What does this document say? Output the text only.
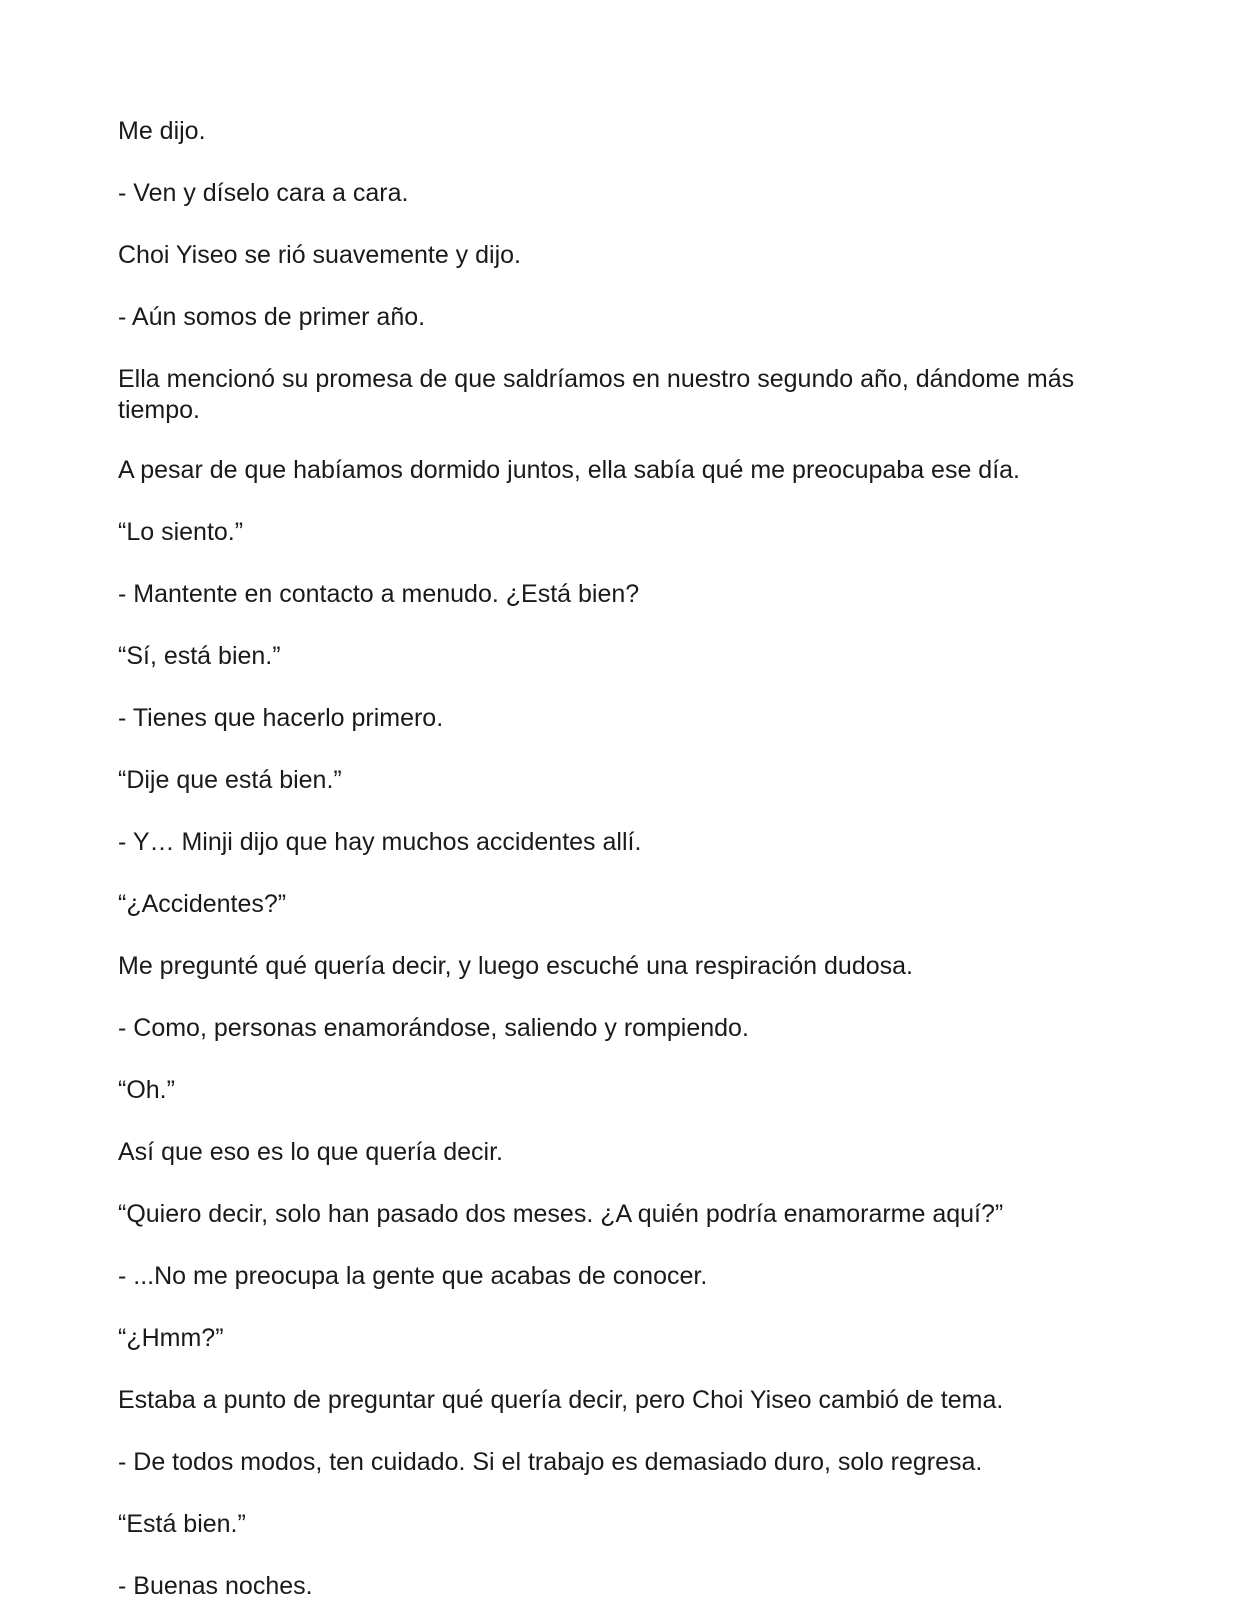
Me dijo.

- Ven y díselo cara a cara.

Choi Yiseo se rió suavemente y dijo.

- Aún somos de primer año.

Ella mencionó su promesa de que saldríamos en nuestro segundo año, dándome más tiempo.

A pesar de que habíamos dormido juntos, ella sabía qué me preocupaba ese día.

“Lo siento.”

- Mantente en contacto a menudo. ¿Está bien?

“Sí, está bien.”

- Tienes que hacerlo primero.

“Dije que está bien.”

- Y… Minji dijo que hay muchos accidentes allí.

“¿Accidentes?”

Me pregunté qué quería decir, y luego escuché una respiración dudosa.

- Como, personas enamorándose, saliendo y rompiendo.

“Oh.”

Así que eso es lo que quería decir.

“Quiero decir, solo han pasado dos meses. ¿A quién podría enamorarme aquí?”

- ...No me preocupa la gente que acabas de conocer.

“¿Hmm?”

Estaba a punto de preguntar qué quería decir, pero Choi Yiseo cambió de tema.

- De todos modos, ten cuidado. Si el trabajo es demasiado duro, solo regresa.

“Está bien.”

- Buenas noches.
